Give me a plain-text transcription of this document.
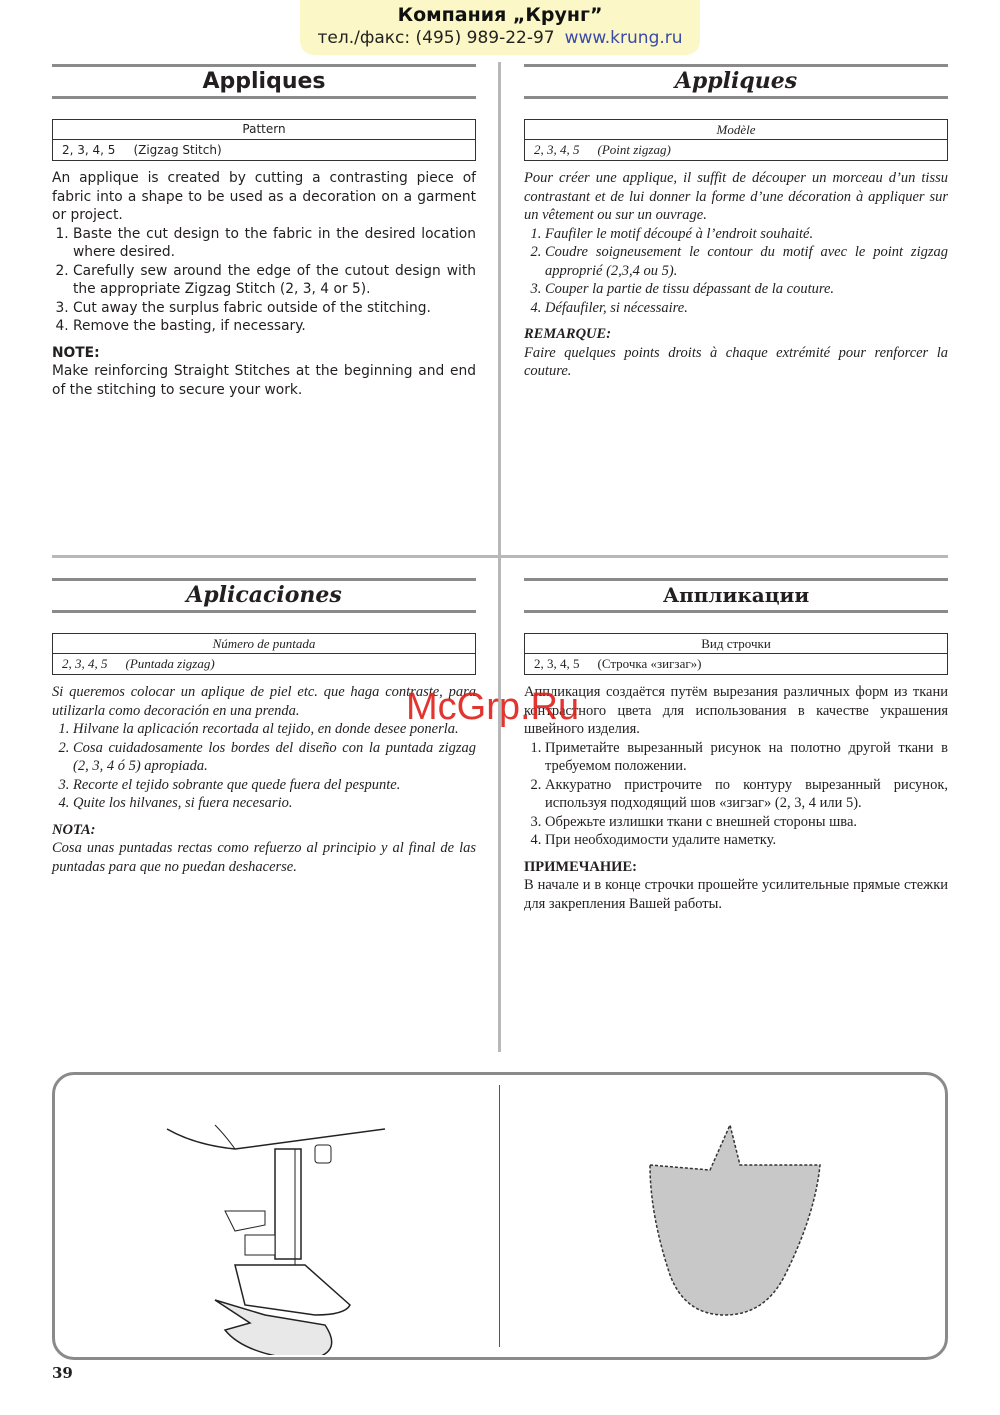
Компания „Крунг”
тел./факс: (495) 989-22-97 www.krung.ru
Appliques
Pattern
2, 3, 4, 5 (Zigzag Stitch)

An applique is created by cutting a contrasting piece of fabric into a shape to be used as a decoration on a garment or project.

1. Baste the cut design to the fabric in the desired location where desired.
2. Carefully sew around the edge of the cutout design with the appropriate Zigzag Stitch (2, 3, 4 or 5).
3. Cut away the surplus fabric outside of the stitching.
4. Remove the basting, if necessary.
NOTE:

Make reinforcing Straight Stitches at the beginning and end of the stitching to secure your work.

Appliques
Modèle
2, 3, 4, 5 (Point zigzag)

Pour créer une applique, il suffit de découper un morceau d’un tissu contrastant et de lui donner la forme d’une décoration à appliquer sur un vêtement ou sur un ouvrage.

1. Faufiler le motif découpé à l’endroit souhaité.
2. Coudre soigneusement le contour du motif avec le point zigzag approprié (2,3,4 ou 5).
3. Couper la partie de tissu dépassant de la couture.
4. Défaufiler, si nécessaire.
REMARQUE:

Faire quelques points droits à chaque extrémité pour renforcer la couture.

Aplicaciones
Número de puntada
2, 3, 4, 5 (Puntada zigzag)

Si queremos colocar un aplique de piel etc. que haga contraste, para utilizarla como decoración en una prenda.

1. Hilvane la aplicación recortada al tejido, en donde desee ponerla.
2. Cosa cuidadosamente los bordes del diseño con la puntada zigzag (2, 3, 4 ó 5) apropiada.
3. Recorte el tejido sobrante que quede fuera del pespunte.
4. Quite los hilvanes, si fuera necesario.
NOTA:

Cosa unas puntadas rectas como refuerzo al principio y al final de las puntadas para que no puedan deshacerse.

Аппликации
Вид строчки
2, 3, 4, 5 (Строчка «зигзаг»)

Аппликация создаётся путём вырезания различных форм из ткани контрастного цвета для использования в качестве украшения швейного изделия.

1. Приметайте вырезанный рисунок на полотно другой ткани в требуемом положении.
2. Аккуратно пристрочите по контуру вырезанный рисунок, используя подходящий шов «зигзаг» (2, 3, 4 или 5).
3. Обрежьте излишки ткани с внешней стороны шва.
4. При необходимости удалите наметку.
ПРИМЕЧАНИЕ:

В начале и в конце строчки прошейте усилительные прямые стежки для закрепления Вашей работы.

McGrp.Ru
39
